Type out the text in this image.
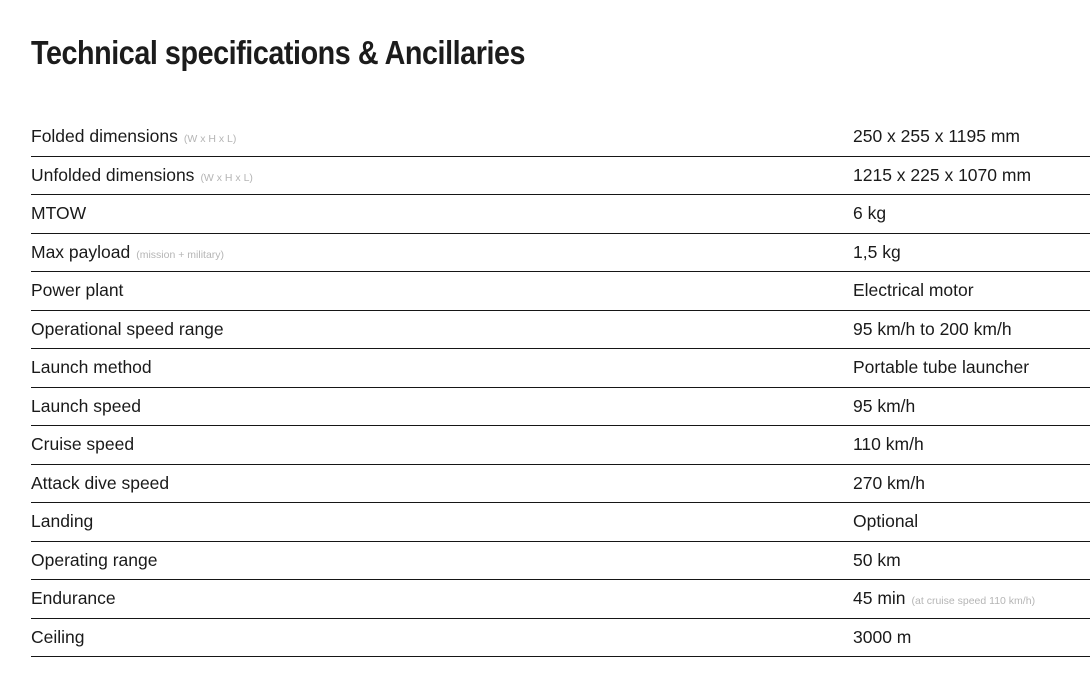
Technical specifications & Ancillaries
Folded dimensions (W x H x L)	250 x 255 x 1195 mm
Unfolded dimensions (W x H x L)	1215 x 225 x 1070 mm
MTOW	6 kg
Max payload (mission + military)	1,5 kg
Power plant	Electrical motor
Operational speed range	95 km/h to 200 km/h
Launch method	Portable tube launcher
Launch speed	95 km/h
Cruise speed	110 km/h
Attack dive speed	270 km/h
Landing	Optional
Operating range	50 km
Endurance	45 min (at cruise speed 110 km/h)
Ceiling	3000 m
